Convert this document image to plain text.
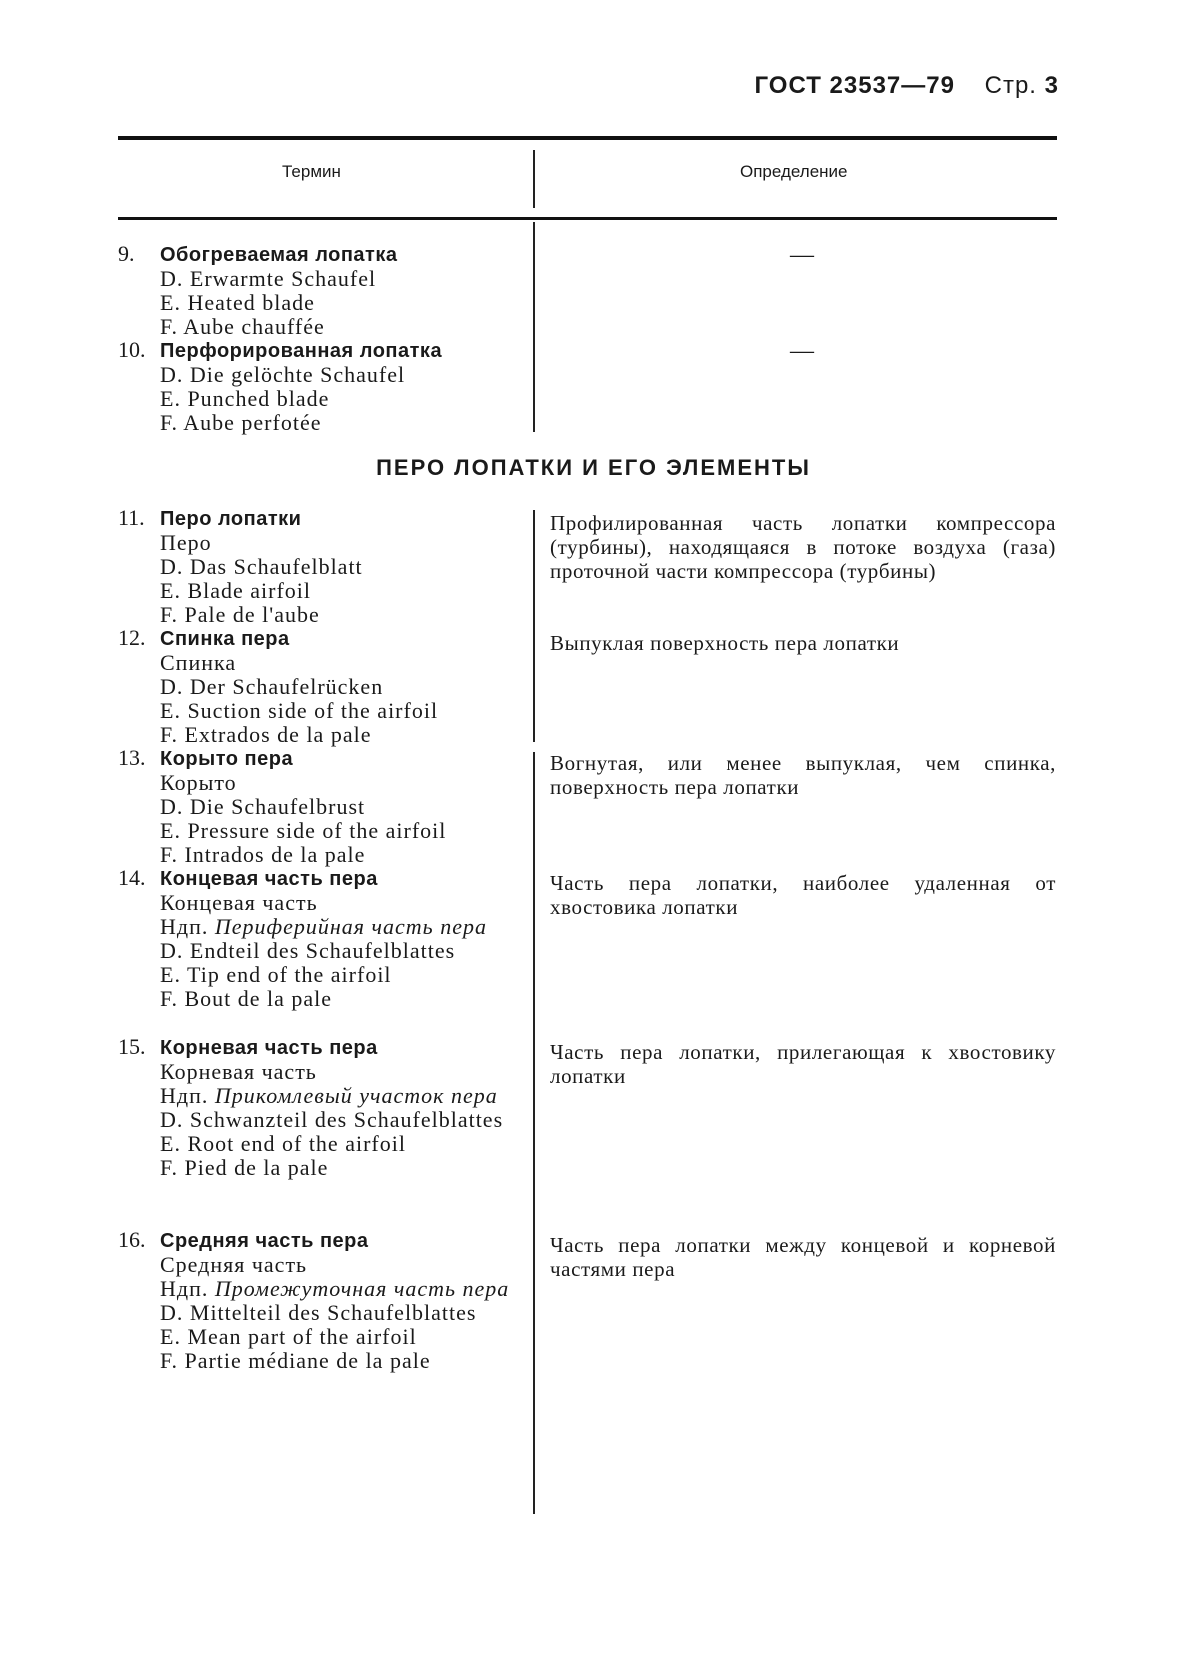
ГОСТ 23537—79 Стр. 3
Термин	Определение
9. Обогреваемая лопатка
D. Erwarmte Schaufel
E. Heated blade
F. Aube chauffée
—
10. Перфорированная лопатка
D. Die gelöchte Schaufel
E. Punched blade
F. Aube perfotée
—
ПЕРО ЛОПАТКИ И ЕГО ЭЛЕМЕНТЫ
11. Перо лопатки
Перо
D. Das Schaufelblatt
E. Blade airfoil
F. Pale de l'aube
Профилированная часть лопатки компрессора (турбины), находящаяся в потоке воздуха (газа) проточной части компрессора (турбины)
12. Спинка пера
Спинка
D. Der Schaufelrücken
E. Suction side of the airfoil
F. Extrados de la pale
Выпуклая поверхность пера лопатки
13. Корыто пера
Корыто
D. Die Schaufelbrust
E. Pressure side of the airfoil
F. Intrados de la pale
Вогнутая, или менее выпуклая, чем спинка, поверхность пера лопатки
14. Концевая часть пера
Концевая часть
Ндп. Периферийная часть пера
D. Endteil des Schaufelblattes
E. Tip end of the airfoil
F. Bout de la pale
Часть пера лопатки, наиболее удаленная от хвостовика лопатки
15. Корневая часть пера
Корневая часть
Ндп. Прикомлевый участок пера
D. Schwanzteil des Schaufelblattes
E. Root end of the airfoil
F. Pied de la pale
Часть пера лопатки, прилегающая к хвостовику лопатки
16. Средняя часть пера
Средняя часть
Ндп. Промежуточная часть пера
D. Mittelteil des Schaufelblattes
E. Mean part of the airfoil
F. Partie médiane de la pale
Часть пера лопатки между концевой и корневой частями пера
